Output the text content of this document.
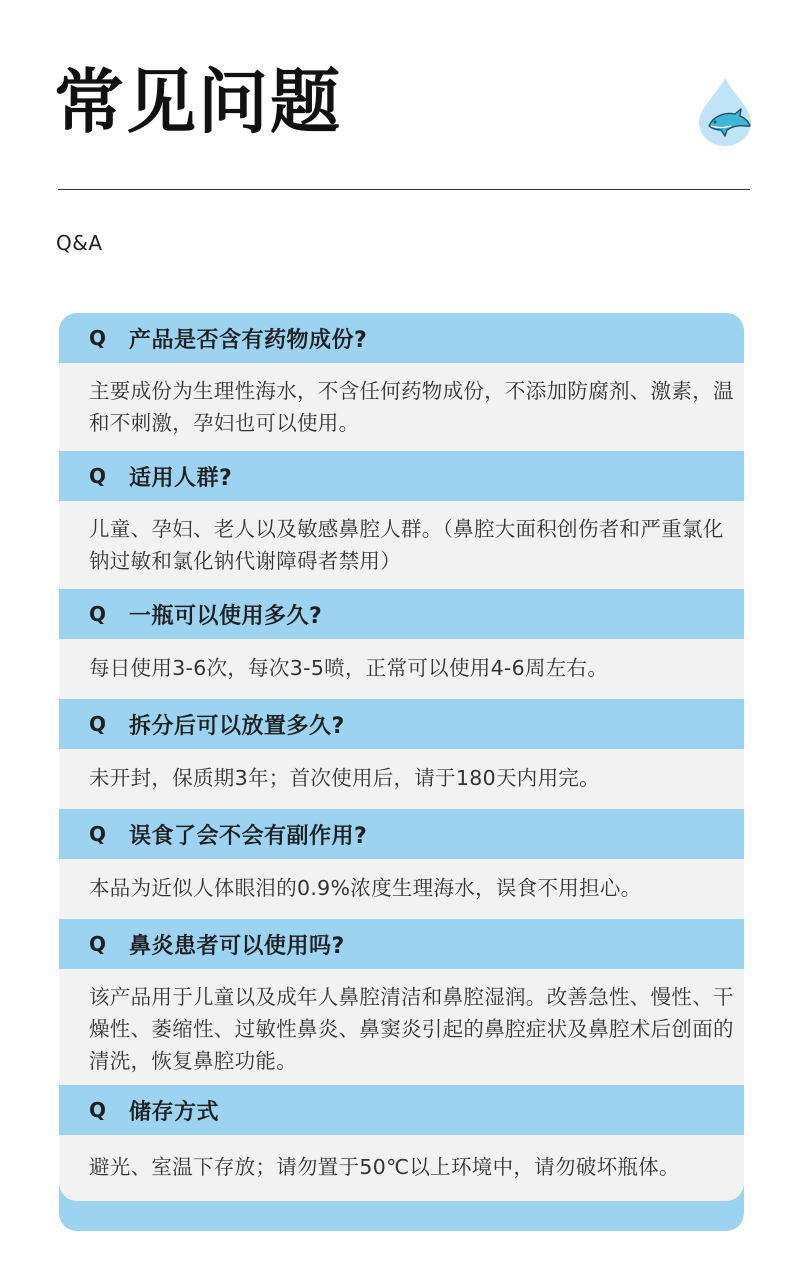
常见问题
Q&A
Q	产品是否含有药物成份?

主要成份为生理性海水，不含任何药物成份，不添加防腐剂、激素，温和不刺激，孕妇也可以使用。

Q	适用人群?

儿童、孕妇、老人以及敏感鼻腔人群。（鼻腔大面积创伤者和严重氯化钠过敏和氯化钠代谢障碍者禁用）

Q	一瓶可以使用多久?

每日使用3-6次，每次3-5喷，正常可以使用4-6周左右。

Q	拆分后可以放置多久?

未开封，保质期3年；首次使用后，请于180天内用完。

Q	误食了会不会有副作用?

本品为近似人体眼泪的0.9%浓度生理海水，误食不用担心。

Q	鼻炎患者可以使用吗?

该产品用于儿童以及成年人鼻腔清洁和鼻腔湿润。改善急性、慢性、干燥性、萎缩性、过敏性鼻炎、鼻窦炎引起的鼻腔症状及鼻腔术后创面的清洗，恢复鼻腔功能。

Q	储存方式

避光、室温下存放；请勿置于50℃以上环境中，请勿破坏瓶体。
